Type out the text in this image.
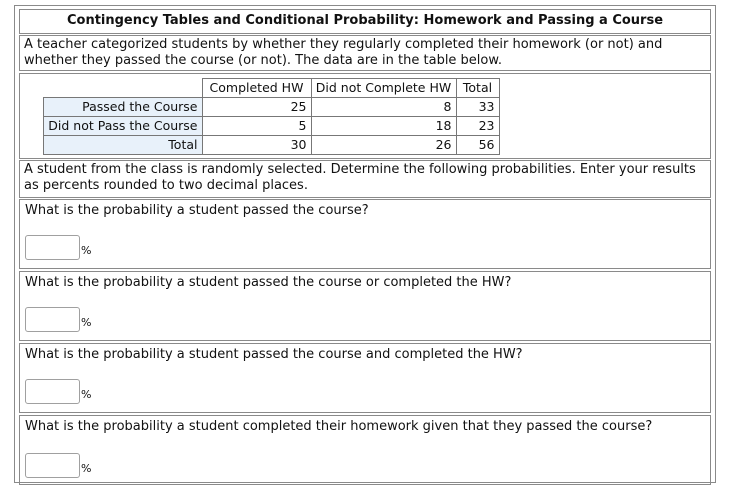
Contingency Tables and Conditional Probability: Homework and Passing a Course
A teacher categorized students by whether they regularly completed their homework (or not) and whether they passed the course (or not). The data are in the table below.
	Completed HW	Did not Complete HW	Total
Passed the Course	25	8	33
Did not Pass the Course	5	18	23
Total	30	26	56
A student from the class is randomly selected. Determine the following probabilities. Enter your results as percents rounded to two decimal places.
What is the probability a student passed the course?
%
What is the probability a student passed the course or completed the HW?
%
What is the probability a student passed the course and completed the HW?
%
What is the probability a student completed their homework given that they passed the course?
%
